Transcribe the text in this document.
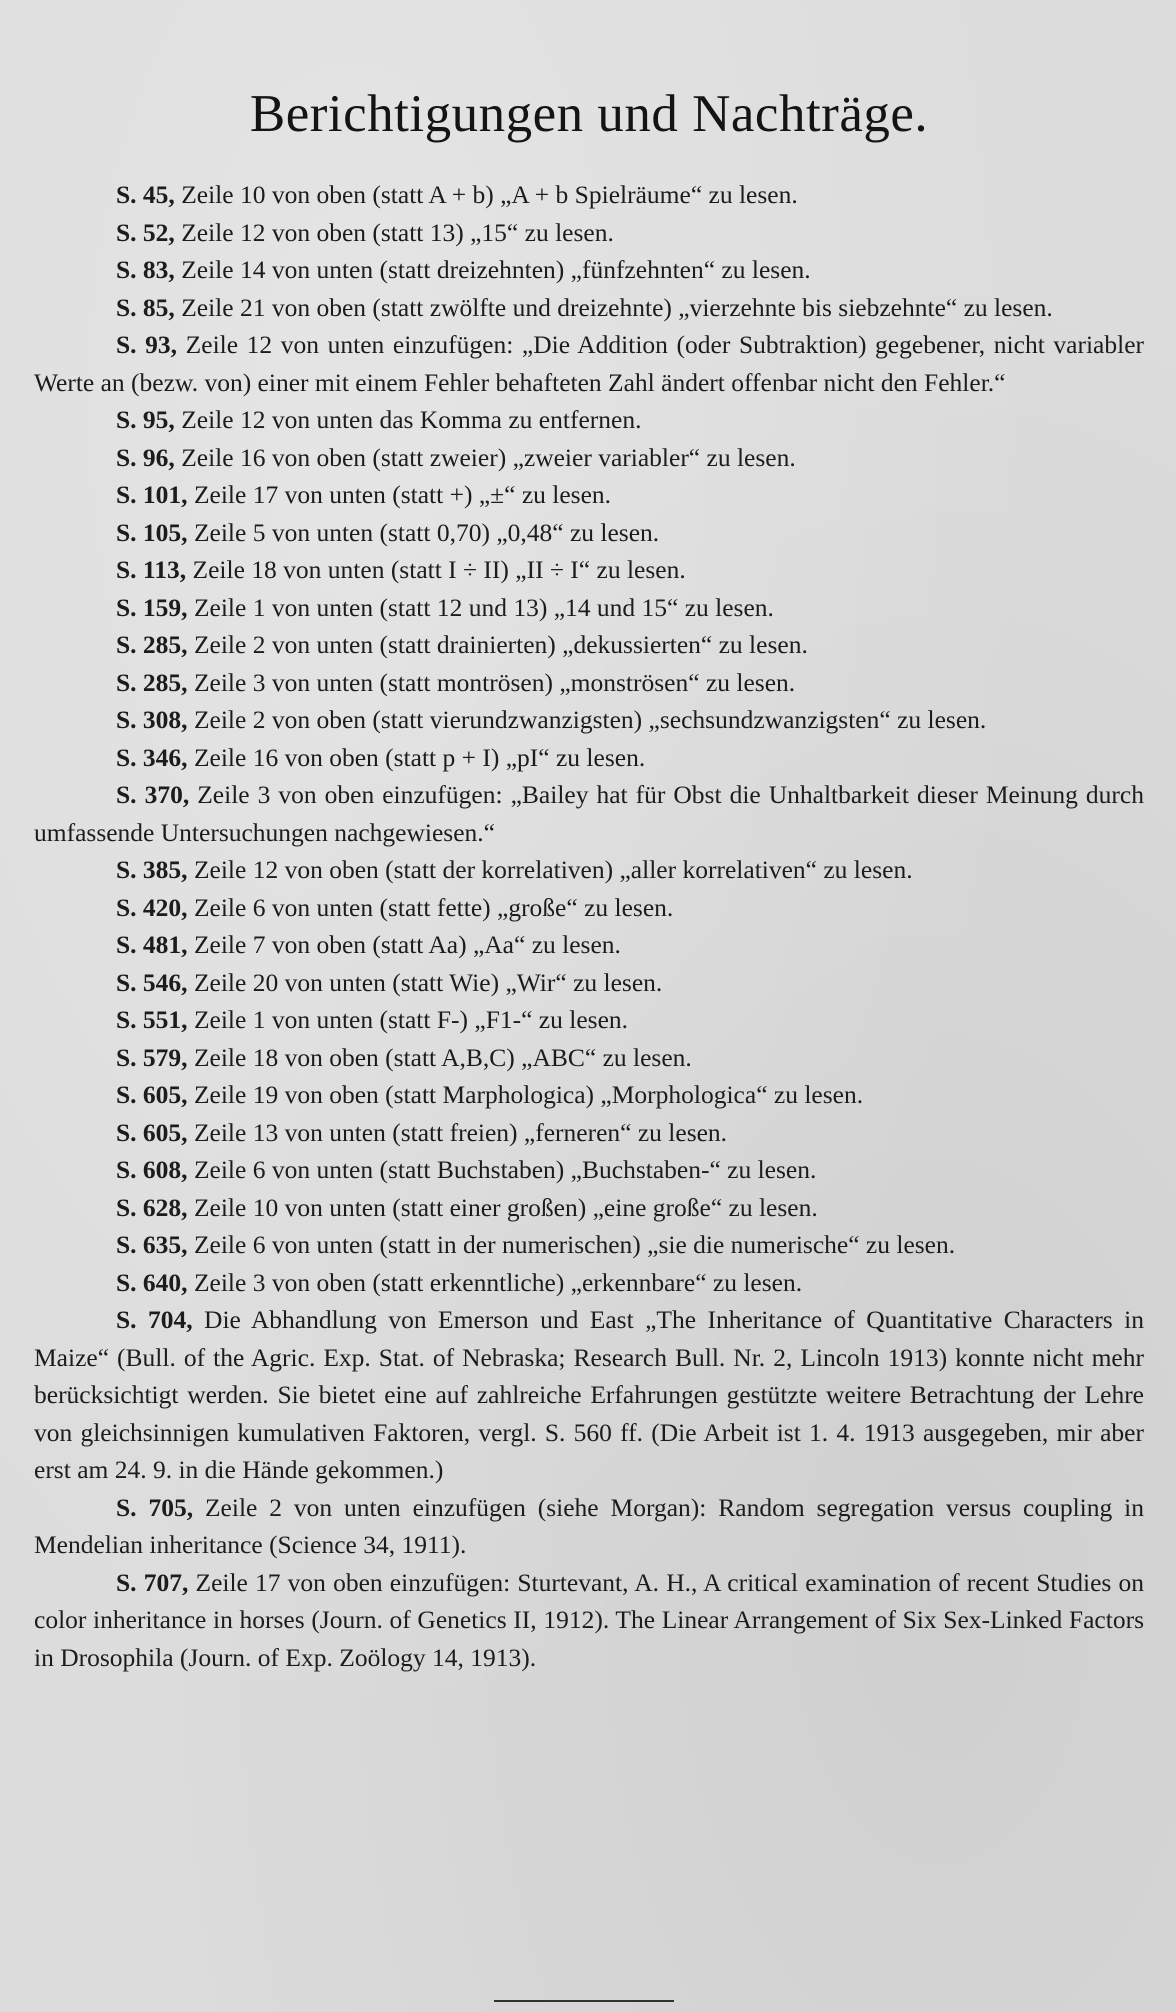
Berichtigungen und Nachträge.

S. 45, Zeile 10 von oben (statt A + b) „A + b Spielräume“ zu lesen.

S. 52, Zeile 12 von oben (statt 13) „15“ zu lesen.

S. 83, Zeile 14 von unten (statt dreizehnten) „fünfzehnten“ zu lesen.

S. 85, Zeile 21 von oben (statt zwölfte und dreizehnte) „vierzehnte bis siebzehnte“ zu lesen.

S. 93, Zeile 12 von unten einzufügen: „Die Addition (oder Subtraktion) gegebener, nicht variabler Werte an (bezw. von) einer mit einem Fehler behafteten Zahl ändert offenbar nicht den Fehler.“

S. 95, Zeile 12 von unten das Komma zu entfernen.

S. 96, Zeile 16 von oben (statt zweier) „zweier variabler“ zu lesen.

S. 101, Zeile 17 von unten (statt +) „±“ zu lesen.

S. 105, Zeile 5 von unten (statt 0,70) „0,48“ zu lesen.

S. 113, Zeile 18 von unten (statt I ÷ II) „II ÷ I“ zu lesen.

S. 159, Zeile 1 von unten (statt 12 und 13) „14 und 15“ zu lesen.

S. 285, Zeile 2 von unten (statt drainierten) „dekussierten“ zu lesen.

S. 285, Zeile 3 von unten (statt montrösen) „monströsen“ zu lesen.

S. 308, Zeile 2 von oben (statt vierundzwanzigsten) „sechsundzwanzigsten“ zu lesen.

S. 346, Zeile 16 von oben (statt p + I) „pI“ zu lesen.

S. 370, Zeile 3 von oben einzufügen: „Bailey hat für Obst die Unhaltbarkeit dieser Meinung durch umfassende Untersuchungen nachgewiesen.“

S. 385, Zeile 12 von oben (statt der korrelativen) „aller korrelativen“ zu lesen.

S. 420, Zeile 6 von unten (statt fette) „große“ zu lesen.

S. 481, Zeile 7 von oben (statt Aa) „Aa“ zu lesen.

S. 546, Zeile 20 von unten (statt Wie) „Wir“ zu lesen.

S. 551, Zeile 1 von unten (statt F-) „F1-“ zu lesen.

S. 579, Zeile 18 von oben (statt A,B,C) „ABC“ zu lesen.

S. 605, Zeile 19 von oben (statt Marphologica) „Morphologica“ zu lesen.

S. 605, Zeile 13 von unten (statt freien) „ferneren“ zu lesen.

S. 608, Zeile 6 von unten (statt Buchstaben) „Buchstaben-“ zu lesen.

S. 628, Zeile 10 von unten (statt einer großen) „eine große“ zu lesen.

S. 635, Zeile 6 von unten (statt in der numerischen) „sie die numerische“ zu lesen.

S. 640, Zeile 3 von oben (statt erkenntliche) „erkennbare“ zu lesen.

S. 704, Die Abhandlung von Emerson und East „The Inheritance of Quantitative Characters in Maize“ (Bull. of the Agric. Exp. Stat. of Nebraska; Research Bull. Nr. 2, Lincoln 1913) konnte nicht mehr berücksichtigt werden. Sie bietet eine auf zahlreiche Erfahrungen gestützte weitere Betrachtung der Lehre von gleichsinnigen kumulativen Faktoren, vergl. S. 560 ff. (Die Arbeit ist 1. 4. 1913 ausgegeben, mir aber erst am 24. 9. in die Hände gekommen.)

S. 705, Zeile 2 von unten einzufügen (siehe Morgan): Random segregation versus coupling in Mendelian inheritance (Science 34, 1911).

S. 707, Zeile 17 von oben einzufügen: Sturtevant, A. H., A critical examination of recent Studies on color inheritance in horses (Journ. of Genetics II, 1912). The Linear Arrangement of Six Sex-Linked Factors in Drosophila (Journ. of Exp. Zoölogy 14, 1913).
